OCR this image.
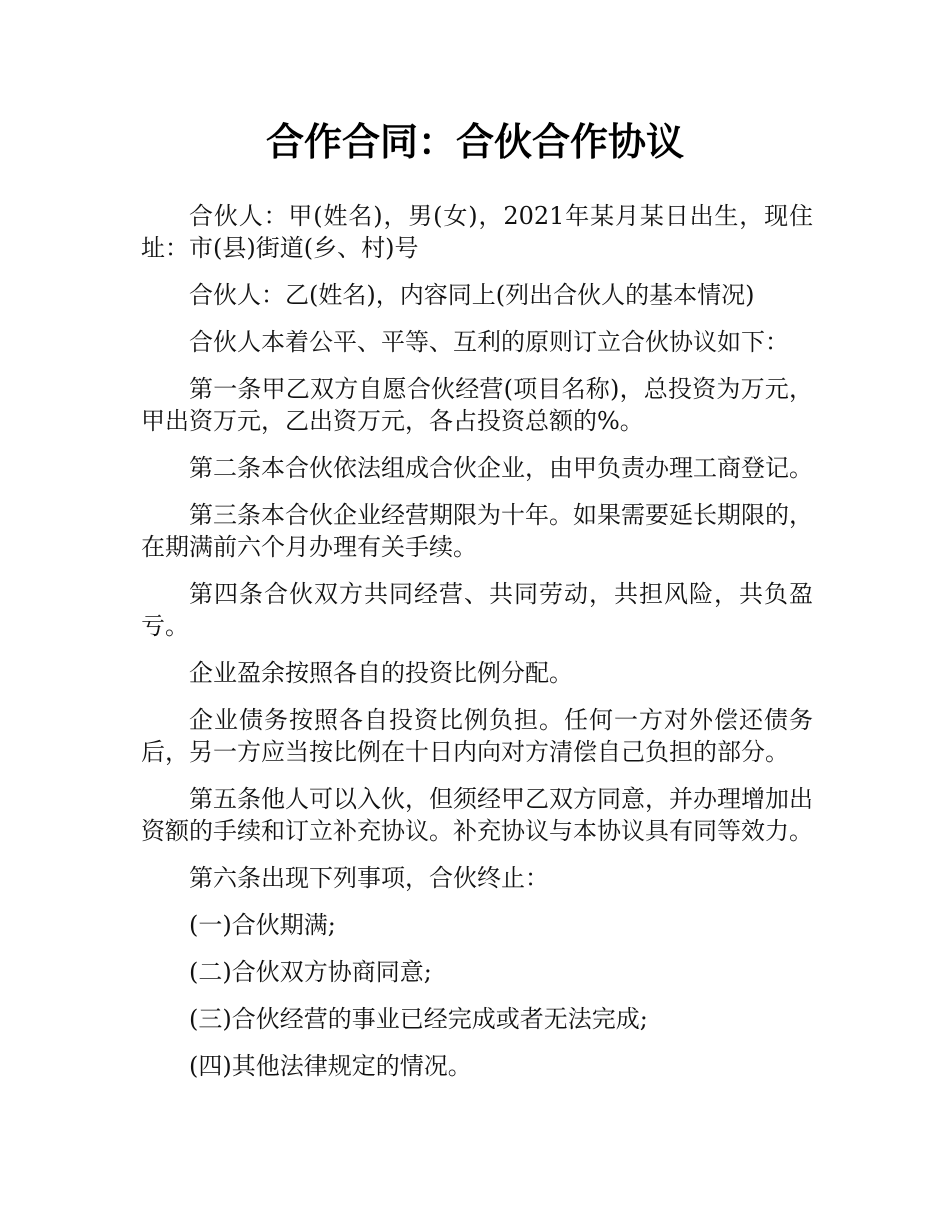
合作合同：合伙合作协议

合伙人：甲(姓名)，男(女)，2021年某月某日出生，现住址：市(县)街道(乡、村)号

合伙人：乙(姓名)，内容同上(列出合伙人的基本情况)

合伙人本着公平、平等、互利的原则订立合伙协议如下：

第一条甲乙双方自愿合伙经营(项目名称)，总投资为万元，甲出资万元，乙出资万元，各占投资总额的%。

第二条本合伙依法组成合伙企业，由甲负责办理工商登记。

第三条本合伙企业经营期限为十年。如果需要延长期限的，在期满前六个月办理有关手续。

第四条合伙双方共同经营、共同劳动，共担风险，共负盈亏。

企业盈余按照各自的投资比例分配。

企业债务按照各自投资比例负担。任何一方对外偿还债务后，另一方应当按比例在十日内向对方清偿自己负担的部分。

第五条他人可以入伙，但须经甲乙双方同意，并办理增加出资额的手续和订立补充协议。补充协议与本协议具有同等效力。

第六条出现下列事项，合伙终止：

(一)合伙期满;

(二)合伙双方协商同意;

(三)合伙经营的事业已经完成或者无法完成;

(四)其他法律规定的情况。
